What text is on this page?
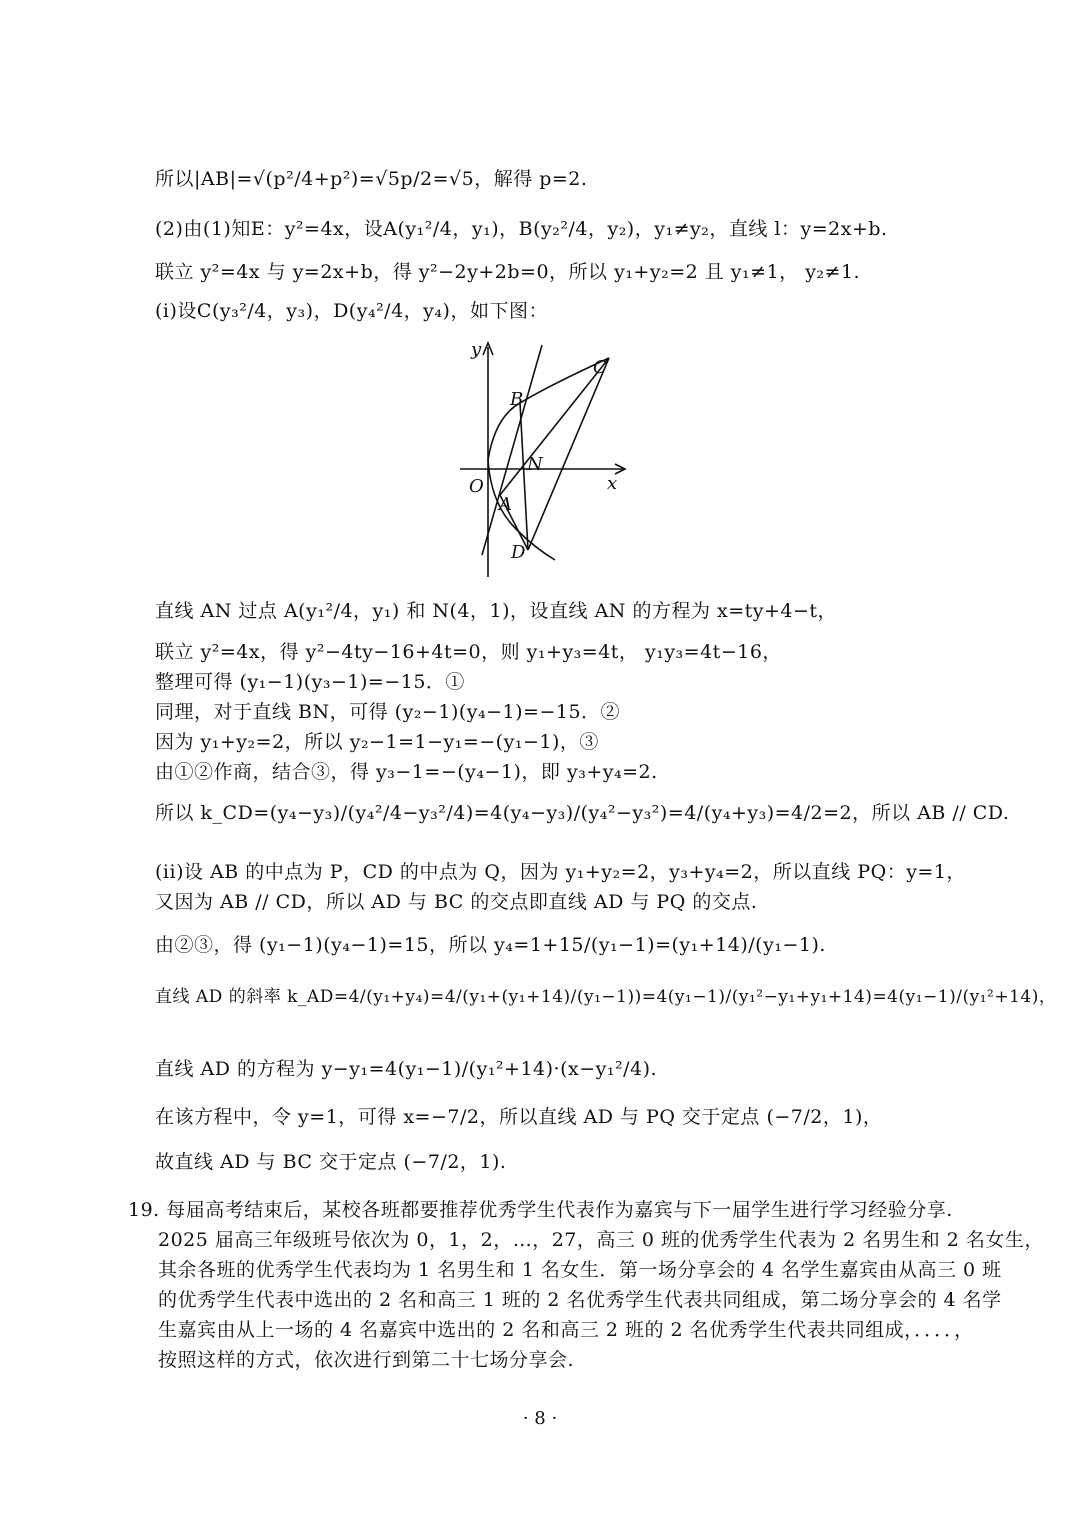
所以|AB|=√(p²/4+p²)=√5p/2=√5，解得 p=2.
(2)由(1)知E：y²=4x，设A(y₁²/4，y₁)，B(y₂²/4，y₂)，y₁≠y₂，直线 l：y=2x+b.
联立 y²=4x 与 y=2x+b，得 y²−2y+2b=0，所以 y₁+y₂=2 且 y₁≠1， y₂≠1.
(i)设C(y₃²/4，y₃)，D(y₄²/4，y₄)，如下图：
y
x
O
A
B
C
D
N
直线 AN 过点 A(y₁²/4，y₁) 和 N(4，1)，设直线 AN 的方程为 x=ty+4−t，
联立 y²=4x，得 y²−4ty−16+4t=0，则 y₁+y₃=4t， y₁y₃=4t−16，
整理可得 (y₁−1)(y₃−1)=−15．①
同理，对于直线 BN，可得 (y₂−1)(y₄−1)=−15．②
因为 y₁+y₂=2，所以 y₂−1=1−y₁=−(y₁−1)，③
由①②作商，结合③，得 y₃−1=−(y₄−1)，即 y₃+y₄=2.
所以 k_CD=(y₄−y₃)/(y₄²/4−y₃²/4)=4(y₄−y₃)/(y₄²−y₃²)=4/(y₄+y₃)=4/2=2，所以 AB // CD.
(ii)设 AB 的中点为 P，CD 的中点为 Q，因为 y₁+y₂=2，y₃+y₄=2，所以直线 PQ：y=1，
又因为 AB // CD，所以 AD 与 BC 的交点即直线 AD 与 PQ 的交点.
由②③，得 (y₁−1)(y₄−1)=15，所以 y₄=1+15/(y₁−1)=(y₁+14)/(y₁−1).
直线 AD 的斜率 k_AD=4/(y₁+y₄)=4/(y₁+(y₁+14)/(y₁−1))=4(y₁−1)/(y₁²−y₁+y₁+14)=4(y₁−1)/(y₁²+14)，
直线 AD 的方程为 y−y₁=4(y₁−1)/(y₁²+14)·(x−y₁²/4).
在该方程中，令 y=1，可得 x=−7/2，所以直线 AD 与 PQ 交于定点 (−7/2，1)，
故直线 AD 与 BC 交于定点 (−7/2，1).
19. 每届高考结束后，某校各班都要推荐优秀学生代表作为嘉宾与下一届学生进行学习经验分享.
2025 届高三年级班号依次为 0，1，2，…，27，高三 0 班的优秀学生代表为 2 名男生和 2 名女生，
其余各班的优秀学生代表均为 1 名男生和 1 名女生．第一场分享会的 4 名学生嘉宾由从高三 0 班
的优秀学生代表中选出的 2 名和高三 1 班的 2 名优秀学生代表共同组成，第二场分享会的 4 名学
生嘉宾由从上一场的 4 名嘉宾中选出的 2 名和高三 2 班的 2 名优秀学生代表共同组成，．．．．，
按照这样的方式，依次进行到第二十七场分享会.
· 8 ·
